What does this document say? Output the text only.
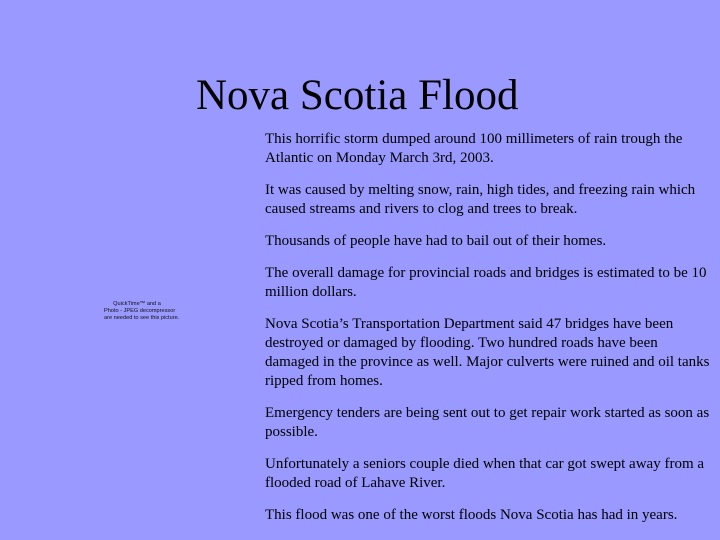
Nova Scotia Flood
QuickTime™ and a
Photo - JPEG decompressor
are needed to see this picture.

This horrific storm dumped around 100 millimeters of rain trough the Atlantic on Monday March 3rd, 2003.

It was caused by melting snow, rain, high tides, and freezing rain which caused streams and rivers to clog and trees to break.

Thousands of people have had to bail out of their homes.

The overall damage for provincial roads and bridges is estimated to be 10 million dollars.

Nova Scotia’s Transportation Department said 47 bridges have been destroyed or damaged by flooding. Two hundred roads have been damaged in the province as well. Major culverts were ruined and oil tanks ripped from homes.

Emergency tenders are being sent out to get repair work started as soon as possible.

Unfortunately a seniors couple died when that car got swept away from a flooded road of Lahave River.

This flood was one of the worst floods Nova Scotia has had in years.
